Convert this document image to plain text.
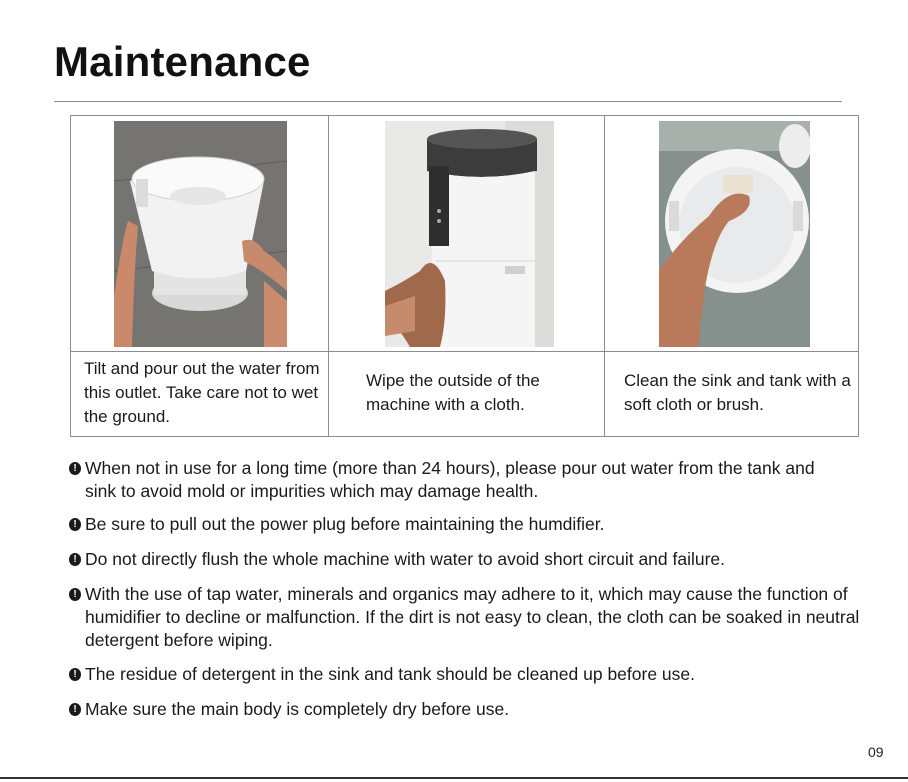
Maintenance
Tilt and pour out the water from this outlet. Take care not to wet the ground.
Wipe the outside of the machine with a cloth.
Clean the sink and tank with a soft cloth or brush.
! When not in use for a long time (more than 24 hours), please pour out water from the tank and sink to avoid mold or impurities which may damage health.
! Be sure to pull out the power plug before maintaining the humdifier.
! Do not directly flush the whole machine with water to avoid short circuit and failure.
! With the use of tap water, minerals and organics may adhere to it, which may cause the function of humidifier to decline or malfunction. If the dirt is not easy to clean, the cloth can be soaked in neutral detergent before wiping.
! The residue of detergent in the sink and tank should be cleaned up before use.
! Make sure the main body is completely dry before use.
09
